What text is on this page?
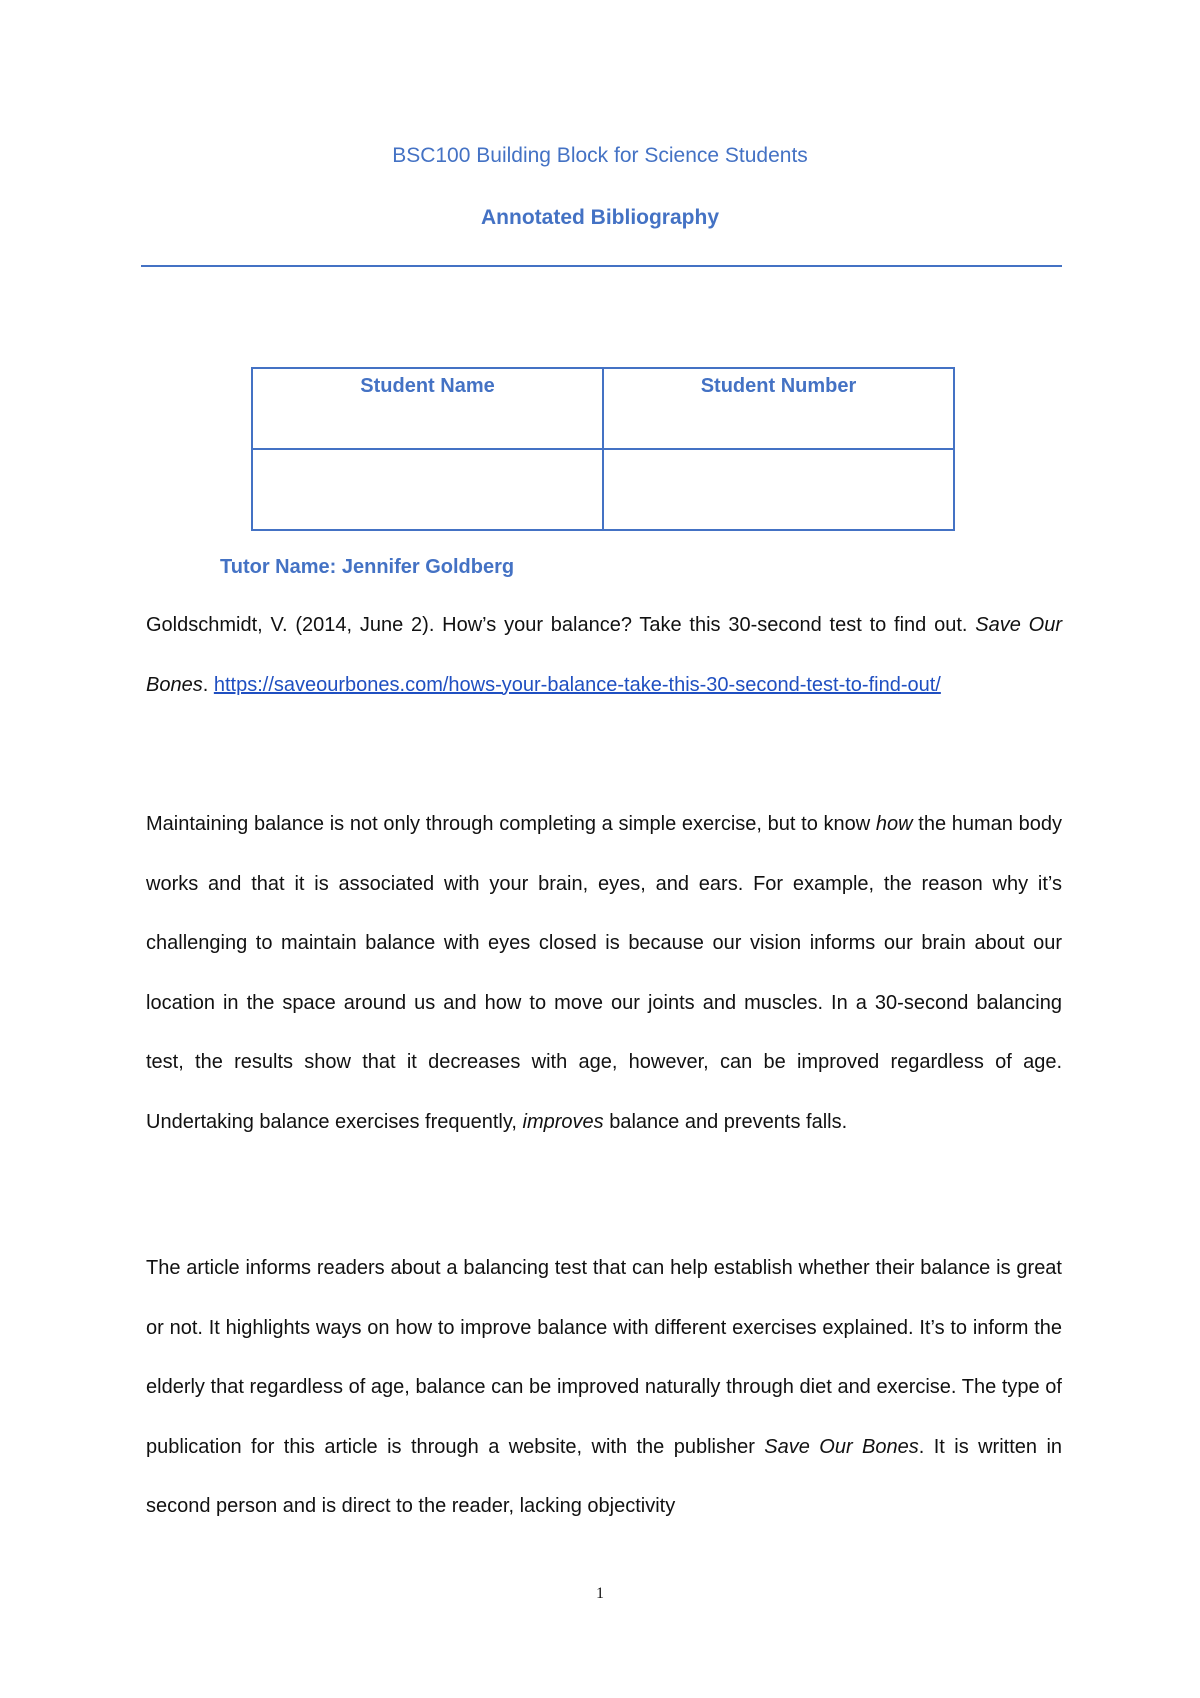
BSC100 Building Block for Science Students
Annotated Bibliography
Student Name	Student Number

Tutor Name: Jennifer Goldberg
Goldschmidt, V. (2014, June 2). How’s your balance? Take this 30-second test to find out. Save Our Bones. https://saveourbones.com/hows-your-balance-take-this-30-second-test-to-find-out/
Maintaining balance is not only through completing a simple exercise, but to know how the human body works and that it is associated with your brain, eyes, and ears. For example, the reason why it’s challenging to maintain balance with eyes closed is because our vision informs our brain about our location in the space around us and how to move our joints and muscles. In a 30-second balancing test, the results show that it decreases with age, however, can be improved regardless of age. Undertaking balance exercises frequently, improves balance and prevents falls.
The article informs readers about a balancing test that can help establish whether their balance is great or not. It highlights ways on how to improve balance with different exercises explained. It’s to inform the elderly that regardless of age, balance can be improved naturally through diet and exercise. The type of publication for this article is through a website, with the publisher Save Our Bones. It is written in second person and is direct to the reader, lacking objectivity
1
